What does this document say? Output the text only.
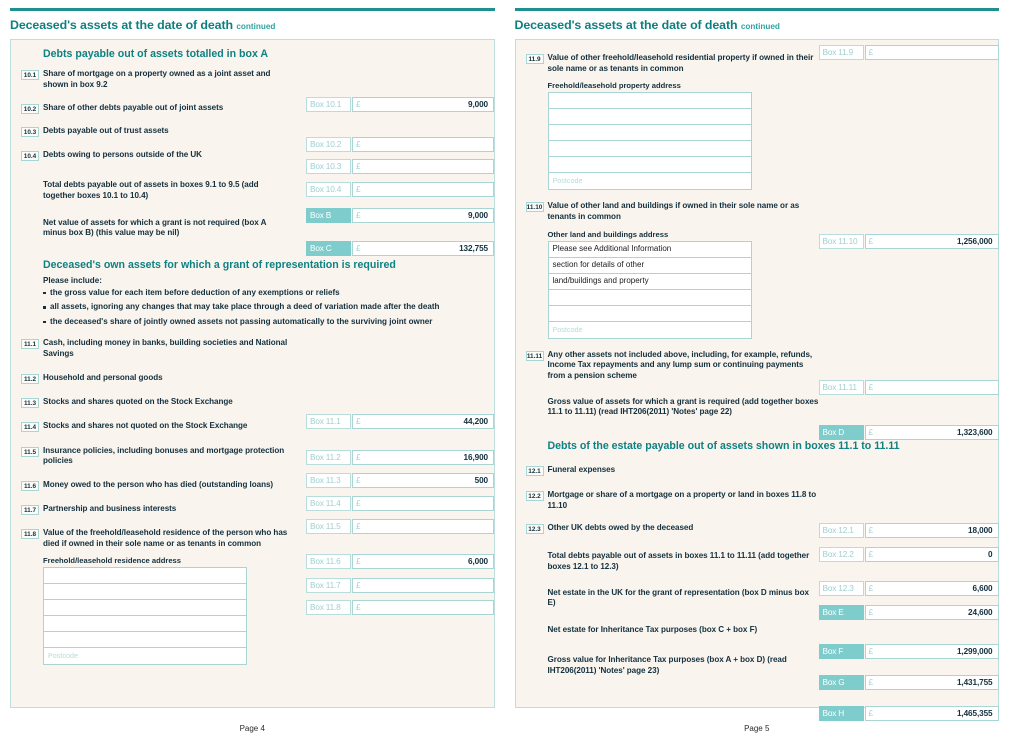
Deceased's assets at the date of death continued
Debts payable out of assets totalled in box A
10.1 Share of mortgage on a property owned as a joint asset and shown in box 9.2
Box 10.1	£	9,000
10.2 Share of other debts payable out of joint assets
Box 10.2	£
10.3 Debts payable out of trust assets
Box 10.3	£
10.4 Debts owing to persons outside of the UK
Box 10.4	£
Total debts payable out of assets in boxes 9.1 to 9.5 (add together boxes 10.1 to 10.4)
Box B	£	9,000
Net value of assets for which a grant is not required (box A minus box B) (this value may be nil)
Box C	£	132,755
Deceased's own assets for which a grant of representation is required
Please include:
the gross value for each item before deduction of any exemptions or reliefs
all assets, ignoring any changes that may take place through a deed of variation made after the death
the deceased's share of jointly owned assets not passing automatically to the surviving joint owner
11.1 Cash, including money in banks, building societies and National Savings
Box 11.1	£	44,200
11.2 Household and personal goods
Box 11.2	£	16,900
11.3 Stocks and shares quoted on the Stock Exchange
Box 11.3	£	500
11.4 Stocks and shares not quoted on the Stock Exchange
Box 11.4	£
11.5 Insurance policies, including bonuses and mortgage protection policies
Box 11.5	£
11.6 Money owed to the person who has died (outstanding loans)
Box 11.6	£	6,000
11.7 Partnership and business interests
Box 11.7	£
11.8 Value of the freehold/leasehold residence of the person who has died if owned in their sole name or as tenants in common
Box 11.8	£
Freehold/leasehold residence address
Postcode
Page 4
Deceased's assets at the date of death continued
11.9 Value of other freehold/leasehold residential property if owned in their sole name or as tenants in common
Box 11.9	£
Freehold/leasehold property address
Postcode
11.10 Value of other land and buildings if owned in their sole name or as tenants in common
Box 11.10	£	1,256,000
Other land and buildings address
Please see Additional Information
section for details of other
land/buildings and property
Postcode
11.11 Any other assets not included above, including, for example, refunds, Income Tax repayments and any lump sum or continuing payments from a pension scheme
Box 11.11	£
Gross value of assets for which a grant is required (add together boxes 11.1 to 11.11) (read IHT206(2011) 'Notes' page 22)
Box D	£	1,323,600
Debts of the estate payable out of assets shown in boxes 11.1 to 11.11
12.1 Funeral expenses
Box 12.1	£	18,000
12.2 Mortgage or share of a mortgage on a property or land in boxes 11.8 to 11.10
Box 12.2	£	0
12.3 Other UK debts owed by the deceased
Box 12.3	£	6,600
Total debts payable out of assets in boxes 11.1 to 11.11 (add together boxes 12.1 to 12.3)
Box E	£	24,600
Net estate in the UK for the grant of representation (box D minus box E)
Box F	£	1,299,000
Net estate for Inheritance Tax purposes (box C + box F)
Box G	£	1,431,755
Gross value for Inheritance Tax purposes (box A + box D) (read IHT206(2011) 'Notes' page 23)
Box H	£	1,465,355
Page 5
